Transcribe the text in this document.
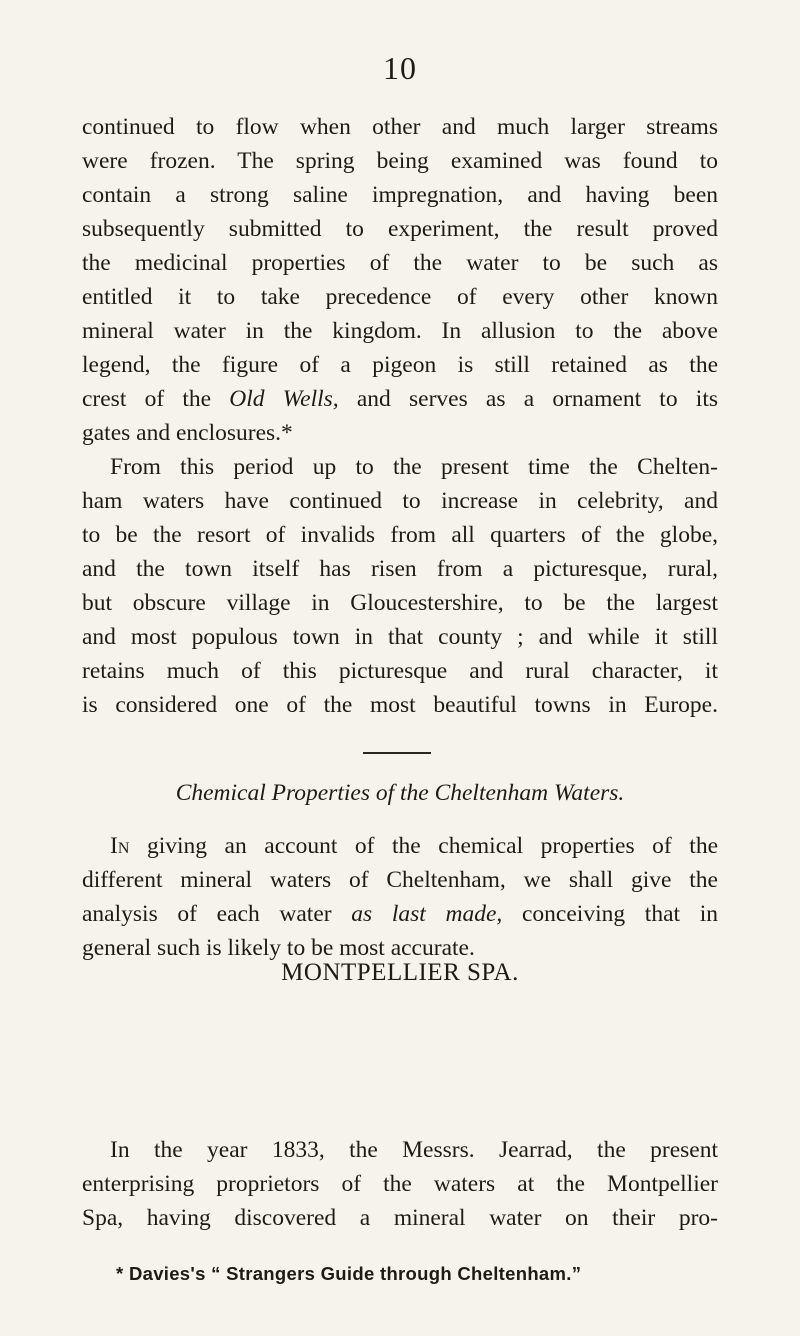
10
continued to flow when other and much larger streams
were frozen. The spring being examined was found to
contain a strong saline impregnation, and having been
subsequently submitted to experiment, the result proved
the medicinal properties of the water to be such as
entitled it to take precedence of every other known
mineral water in the kingdom. In allusion to the above
legend, the figure of a pigeon is still retained as the
crest of the Old Wells, and serves as a ornament to its
gates and enclosures.*
From this period up to the present time the Chelten-
ham waters have continued to increase in celebrity, and
to be the resort of invalids from all quarters of the globe,
and the town itself has risen from a picturesque, rural,
but obscure village in Gloucestershire, to be the largest
and most populous town in that county ; and while it still
retains much of this picturesque and rural character, it
is considered one of the most beautiful towns in Europe.
Chemical Properties of the Cheltenham Waters.
In giving an account of the chemical properties of the
different mineral waters of Cheltenham, we shall give the
analysis of each water as last made, conceiving that in
general such is likely to be most accurate.
MONTPELLIER SPA.
In the year 1833, the Messrs. Jearrad, the present
enterprising proprietors of the waters at the Montpellier
Spa, having discovered a mineral water on their pro-
* Davies's “ Strangers Guide through Cheltenham.”
